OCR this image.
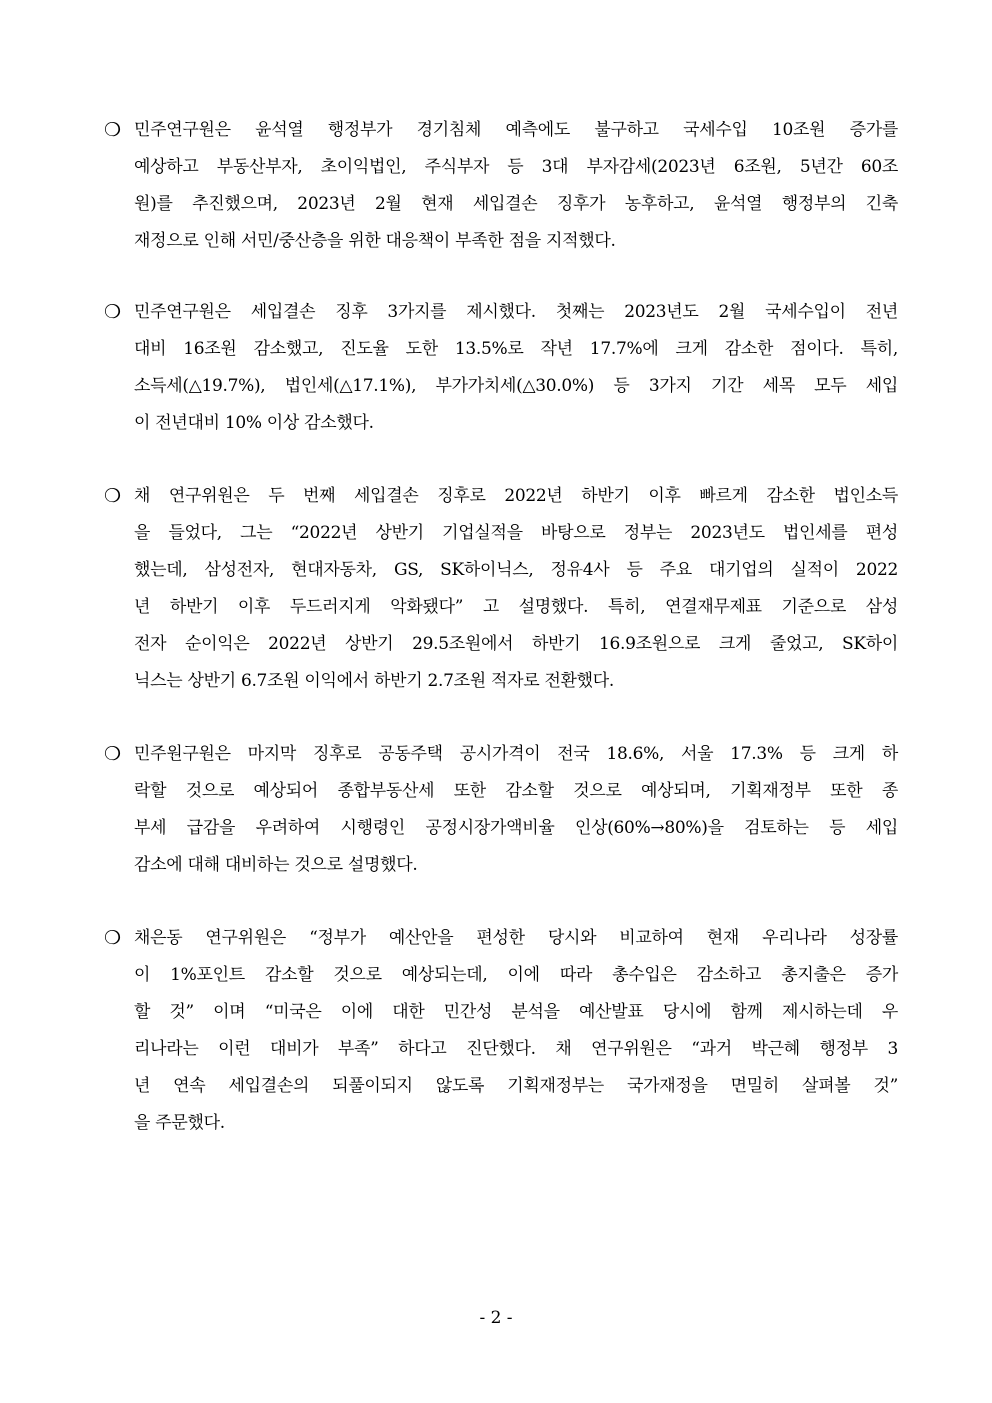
❍ 민주연구원은 윤석열 행정부가 경기침체 예측에도 불구하고 국세수입 10조원 증가를
예상하고 부동산부자, 초이익법인, 주식부자 등 3대 부자감세(2023년 6조원, 5년간 60조
원)를 추진했으며, 2023년 2월 현재 세입결손 징후가 농후하고, 윤석열 행정부의 긴축
재정으로 인해 서민/중산층을 위한 대응책이 부족한 점을 지적했다.
❍ 민주연구원은 세입결손 징후 3가지를 제시했다. 첫째는 2023년도 2월 국세수입이 전년
대비 16조원 감소했고, 진도율 도한 13.5%로 작년 17.7%에 크게 감소한 점이다. 특히,
소득세(△19.7%), 법인세(△17.1%), 부가가치세(△30.0%) 등 3가지 기간 세목 모두 세입
이 전년대비 10% 이상 감소했다.
❍ 채 연구위원은 두 번째 세입결손 징후로 2022년 하반기 이후 빠르게 감소한 법인소득
을 들었다, 그는 “2022년 상반기 기업실적을 바탕으로 정부는 2023년도 법인세를 편성
했는데, 삼성전자, 현대자동차, GS, SK하이닉스, 정유4사 등 주요 대기업의 실적이 2022
년 하반기 이후 두드러지게 악화됐다” 고 설명했다. 특히, 연결재무제표 기준으로 삼성
전자 순이익은 2022년 상반기 29.5조원에서 하반기 16.9조원으로 크게 줄었고, SK하이
닉스는 상반기 6.7조원 이익에서 하반기 2.7조원 적자로 전환했다.
❍ 민주원구원은 마지막 징후로 공동주택 공시가격이 전국 18.6%, 서울 17.3% 등 크게 하
락할 것으로 예상되어 종합부동산세 또한 감소할 것으로 예상되며, 기획재정부 또한 종
부세 급감을 우려하여 시행령인 공정시장가액비율 인상(60%→80%)을 검토하는 등 세입
감소에 대해 대비하는 것으로 설명했다.
❍ 채은동 연구위원은 “정부가 예산안을 편성한 당시와 비교하여 현재 우리나라 성장률
이 1%포인트 감소할 것으로 예상되는데, 이에 따라 총수입은 감소하고 총지출은 증가
할 것” 이며 “미국은 이에 대한 민간성 분석을 예산발표 당시에 함께 제시하는데 우
리나라는 이런 대비가 부족” 하다고 진단했다. 채 연구위원은 “과거 박근혜 행정부 3
년 연속 세입결손의 되풀이되지 않도록 기획재정부는 국가재정을 면밀히 살펴볼 것”
을 주문했다.
- 2 -
